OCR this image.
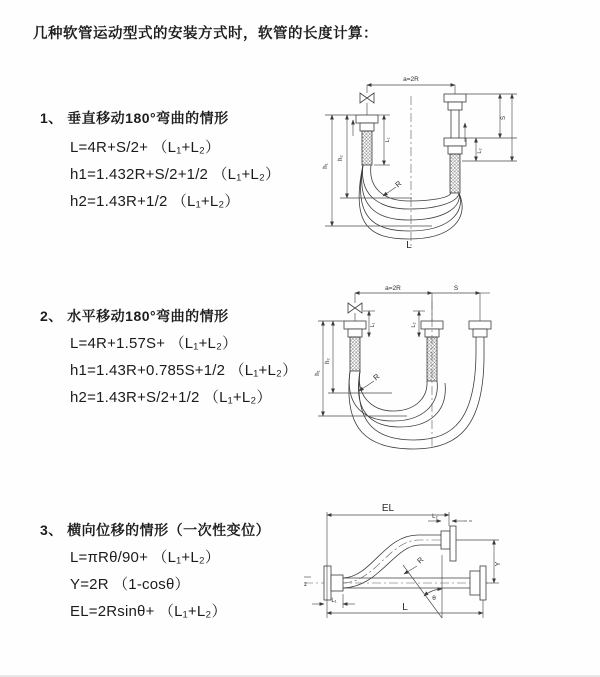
几种软管运动型式的安装方式时，软管的长度计算：
1、 垂直移动180°弯曲的情形
L=4R+S/2+ （L₁+L₂）
h1=1.432R+S/2+1/2 （L₁+L₂）
h2=1.43R+1/2 （L₁+L₂）
2、 水平移动180°弯曲的情形
L=4R+1.57S+ （L₁+L₂）
h1=1.43R+0.785S+1/2 （L₁+L₂）
h2=1.43R+S/2+1/2 （L₁+L₂）
3、 横向位移的情形（一次性变位）
L=πRθ/90+ （L₁+L₂）
Y=2R （1-cosθ）
EL=2Rsinθ+ （L₁+L₂）
a=2R
h₁
h₂
L₁
S
L₂
R
L
a=2R	S
h₁
h₂
L₁	L₂
R
z
EL
L₂
Y
L
L₁
R
θ
